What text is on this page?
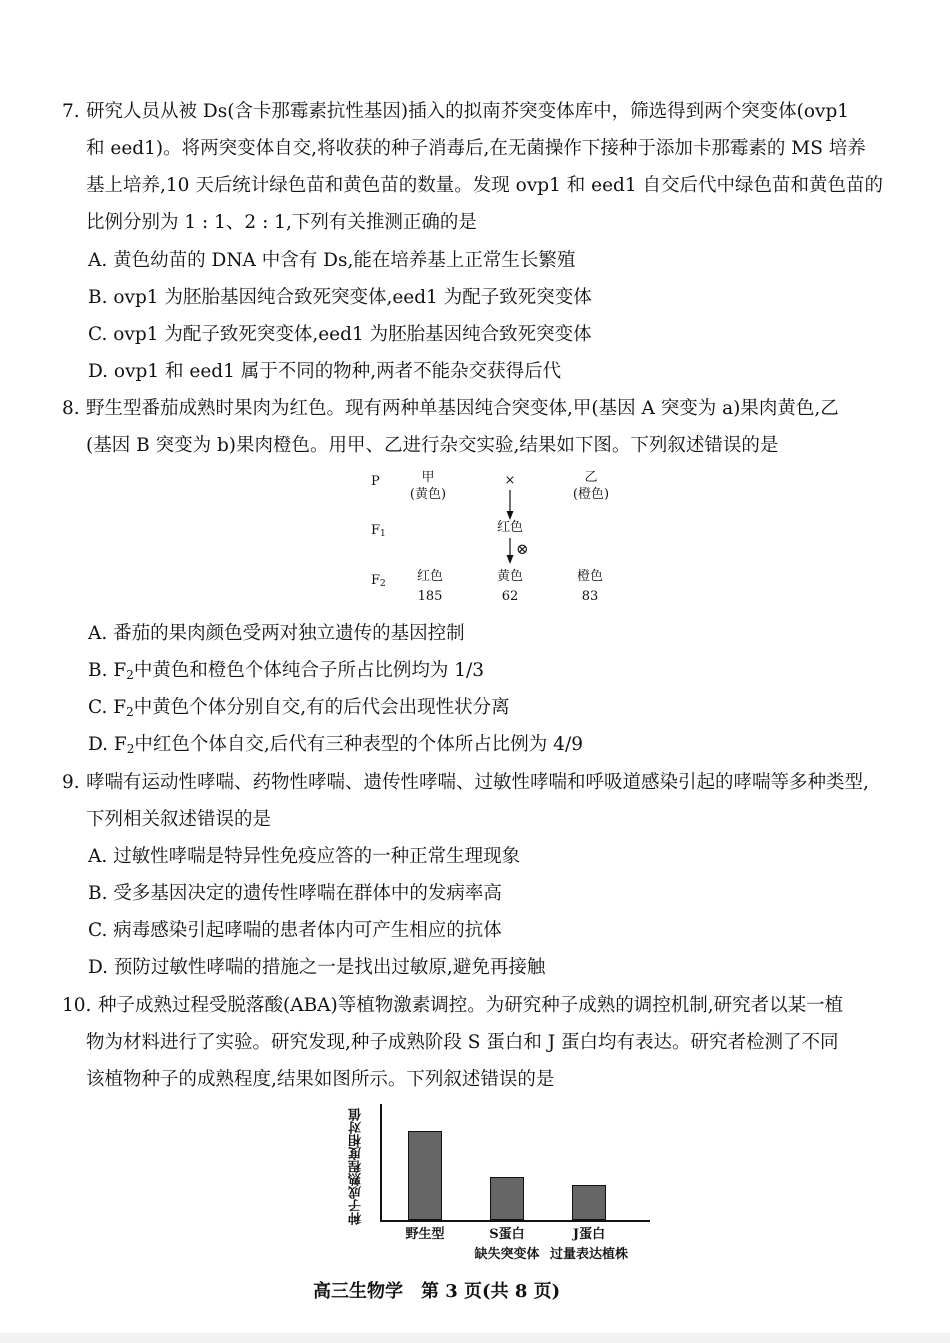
7. 研究人员从被 Ds(含卡那霉素抗性基因)插入的拟南芥突变体库中，筛选得到两个突变体(ovp1
和 eed1)。将两突变体自交,将收获的种子消毒后,在无菌操作下接种于添加卡那霉素的 MS 培养
基上培养,10 天后统计绿色苗和黄色苗的数量。发现 ovp1 和 eed1 自交后代中绿色苗和黄色苗的
比例分别为 1 : 1、2 : 1,下列有关推测正确的是
A. 黄色幼苗的 DNA 中含有 Ds,能在培养基上正常生长繁殖
B. ovp1 为胚胎基因纯合致死突变体,eed1 为配子致死突变体
C. ovp1 为配子致死突变体,eed1 为胚胎基因纯合致死突变体
D. ovp1 和 eed1 属于不同的物种,两者不能杂交获得后代
8. 野生型番茄成熟时果肉为红色。现有两种单基因纯合突变体,甲(基因 A 突变为 a)果肉黄色,乙
(基因 B 突变为 b)果肉橙色。用甲、乙进行杂交实验,结果如下图。下列叙述错误的是
P	甲
(黄色)
×	乙
(橙色)
$F_1$	红色
⊗
$F_2$	红色
185
黄色
62
橙色
83
A. 番茄的果肉颜色受两对独立遗传的基因控制
B. $F_2$中黄色和橙色个体纯合子所占比例均为 1/3
C. $F_2$中黄色个体分别自交,有的后代会出现性状分离
D. $F_2$中红色个体自交,后代有三种表型的个体所占比例为 4/9
9. 哮喘有运动性哮喘、药物性哮喘、遗传性哮喘、过敏性哮喘和呼吸道感染引起的哮喘等多种类型,
下列相关叙述错误的是
A. 过敏性哮喘是特异性免疫应答的一种正常生理现象
B. 受多基因决定的遗传性哮喘在群体中的发病率高
C. 病毒感染引起哮喘的患者体内可产生相应的抗体
D. 预防过敏性哮喘的措施之一是找出过敏原,避免再接触
10. 种子成熟过程受脱落酸(ABA)等植物激素调控。为研究种子成熟的调控机制,研究者以某一植
物为材料进行了实验。研究发现,种子成熟阶段 S 蛋白和 J 蛋白均有表达。研究者检测了不同
该植物种子的成熟程度,结果如图所示。下列叙述错误的是
种子成熟程度相对值
野生型	S蛋白
缺失突变体
J蛋白
过量表达植株
高三生物学　第 3 页(共 8 页)
